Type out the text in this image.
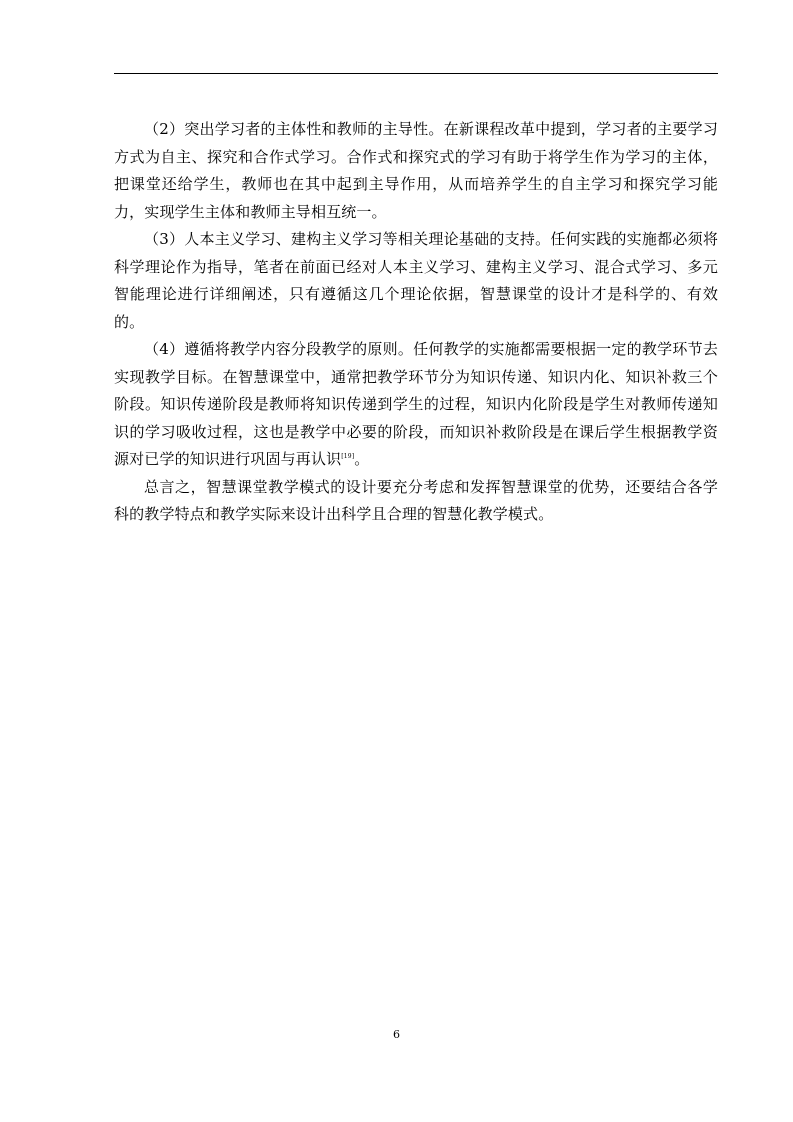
（2）突出学习者的主体性和教师的主导性。在新课程改革中提到，学习者的主要学习方式为自主、探究和合作式学习。合作式和探究式的学习有助于将学生作为学习的主体，把课堂还给学生，教师也在其中起到主导作用，从而培养学生的自主学习和探究学习能力，实现学生主体和教师主导相互统一。

（3）人本主义学习、建构主义学习等相关理论基础的支持。任何实践的实施都必须将科学理论作为指导，笔者在前面已经对人本主义学习、建构主义学习、混合式学习、多元智能理论进行详细阐述，只有遵循这几个理论依据，智慧课堂的设计才是科学的、有效的。

（4）遵循将教学内容分段教学的原则。任何教学的实施都需要根据一定的教学环节去实现教学目标。在智慧课堂中，通常把教学环节分为知识传递、知识内化、知识补救三个阶段。知识传递阶段是教师将知识传递到学生的过程，知识内化阶段是学生对教师传递知识的学习吸收过程，这也是教学中必要的阶段，而知识补救阶段是在课后学生根据教学资源对已学的知识进行巩固与再认识[19]。

总言之，智慧课堂教学模式的设计要充分考虑和发挥智慧课堂的优势，还要结合各学科的教学特点和教学实际来设计出科学且合理的智慧化教学模式。

6
